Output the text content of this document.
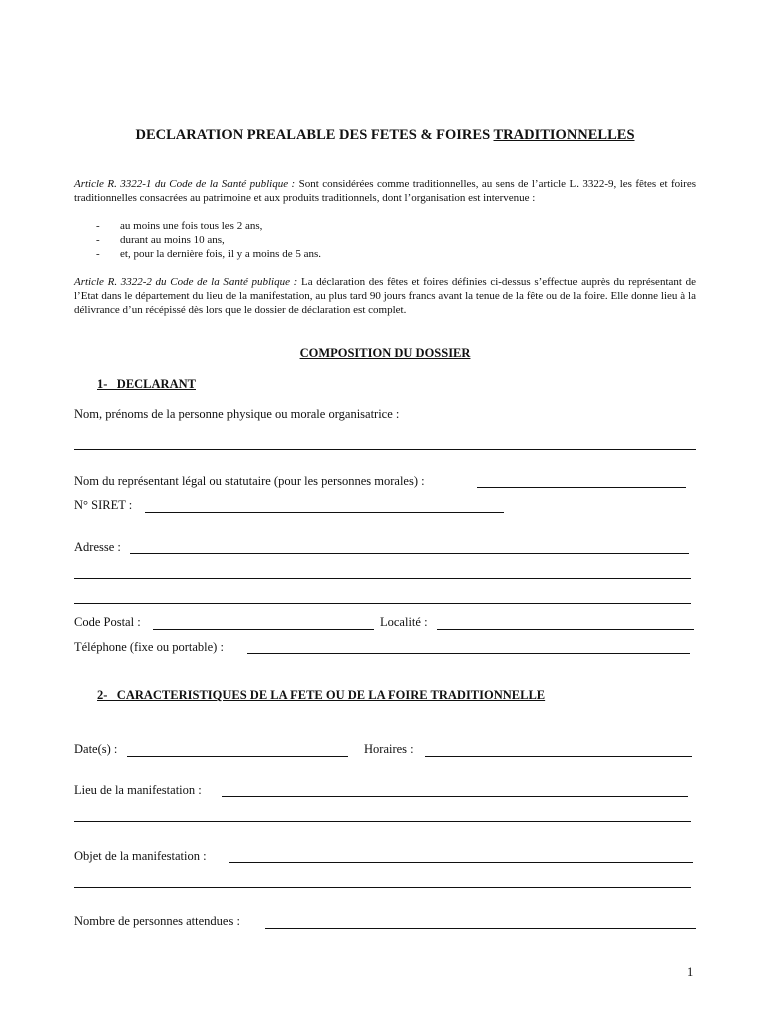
DECLARATION PREALABLE DES FETES & FOIRES TRADITIONNELLES
Article R. 3322-1 du Code de la Santé publique : Sont considérées comme traditionnelles, au sens de l’article L. 3322-9, les fêtes et foires traditionnelles consacrées au patrimoine et aux produits traditionnels, dont l’organisation est intervenue :
- au moins une fois tous les 2 ans,
- durant au moins 10 ans,
- et, pour la dernière fois, il y a moins de 5 ans.
Article R. 3322-2 du Code de la Santé publique : La déclaration des fêtes et foires définies ci-dessus s’effectue auprès du représentant de l’Etat dans le département du lieu de la manifestation, au plus tard 90 jours francs avant la tenue de la fête ou de la foire. Elle donne lieu à la délivrance d’un récépissé dès lors que le dossier de déclaration est complet.
COMPOSITION DU DOSSIER
1-   DECLARANT
Nom, prénoms de la personne physique ou morale organisatrice :
Nom du représentant légal ou statutaire (pour les personnes morales) :
N° SIRET :
Adresse :
Code Postal :	Localité :
Téléphone (fixe ou portable) :
2-   CARACTERISTIQUES DE LA FETE OU DE LA FOIRE TRADITIONNELLE
Date(s) :	Horaires :
Lieu de la manifestation :
Objet de la manifestation :
Nombre de personnes attendues :
1
